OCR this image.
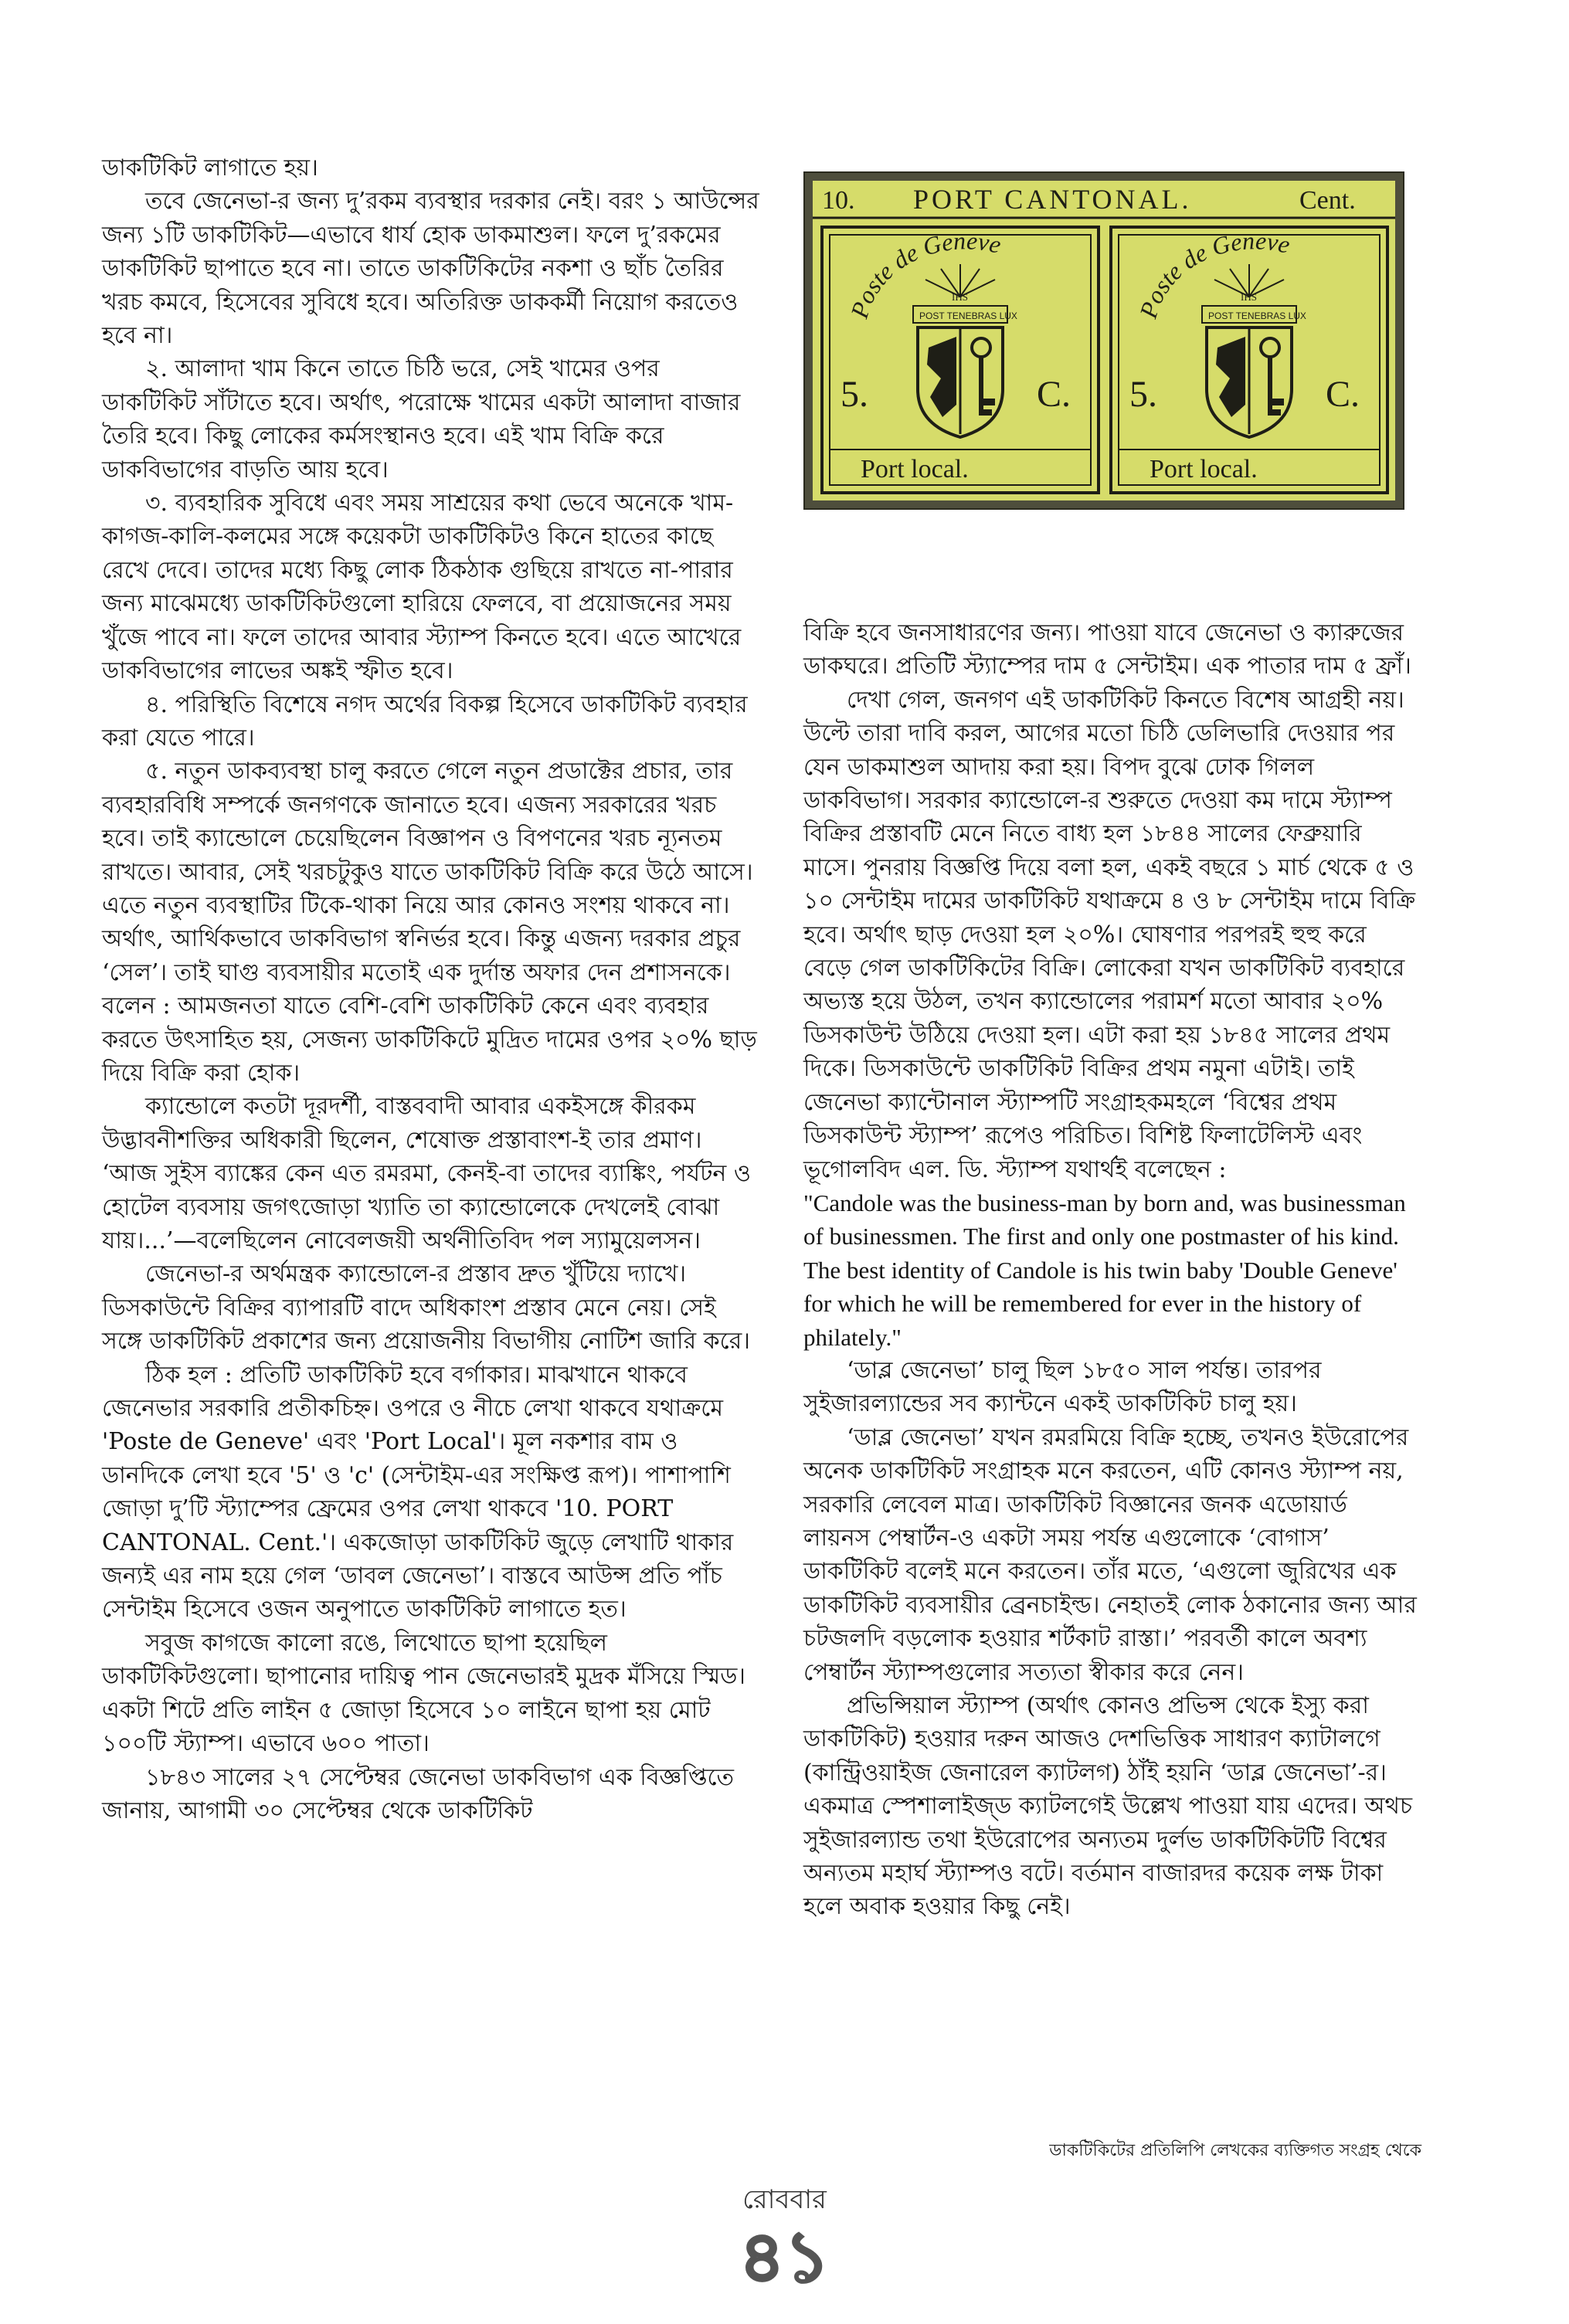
ডাকটিকিট লাগাতে হয়।

তবে জেনেভা-র জন্য দু’রকম ব্যবস্থার দরকার নেই। বরং ১ আউন্সের জন্য ১টি ডাকটিকিট—এভাবে ধার্য হোক ডাকমাশুল। ফলে দু’রকমের ডাকটিকিট ছাপাতে হবে না। তাতে ডাকটিকিটের নকশা ও ছাঁচ তৈরির খরচ কমবে, হিসেবের সুবিধে হবে। অতিরিক্ত ডাককর্মী নিয়োগ করতেও হবে না।

২. আলাদা খাম কিনে তাতে চিঠি ভরে, সেই খামের ওপর ডাকটিকিট সাঁটাতে হবে। অর্থাৎ, পরোক্ষে খামের একটা আলাদা বাজার তৈরি হবে। কিছু লোকের কর্মসংস্থানও হবে। এই খাম বিক্রি করে ডাকবিভাগের বাড়তি আয় হবে।

৩. ব্যবহারিক সুবিধে এবং সময় সাশ্রয়ের কথা ভেবে অনেকে খাম-কাগজ-কালি-কলমের সঙ্গে কয়েকটা ডাকটিকিটও কিনে হাতের কাছে রেখে দেবে। তাদের মধ্যে কিছু লোক ঠিকঠাক গুছিয়ে রাখতে না-পারার জন্য মাঝেমধ্যে ডাকটিকিটগুলো হারিয়ে ফেলবে, বা প্রয়োজনের সময় খুঁজে পাবে না। ফলে তাদের আবার স্ট্যাম্প কিনতে হবে। এতে আখেরে ডাকবিভাগের লাভের অঙ্কই স্ফীত হবে।

৪. পরিস্থিতি বিশেষে নগদ অর্থের বিকল্প হিসেবে ডাকটিকিট ব্যবহার করা যেতে পারে।

৫. নতুন ডাকব্যবস্থা চালু করতে গেলে নতুন প্রডাক্টের প্রচার, তার ব্যবহারবিধি সম্পর্কে জনগণকে জানাতে হবে। এজন্য সরকারের খরচ হবে। তাই ক্যান্ডোলে চেয়েছিলেন বিজ্ঞাপন ও বিপণনের খরচ ন্যূনতম রাখতে। আবার, সেই খরচটুকুও যাতে ডাকটিকিট বিক্রি করে উঠে আসে। এতে নতুন ব্যবস্থাটির টিকে-থাকা নিয়ে আর কোনও সংশয় থাকবে না। অর্থাৎ, আর্থিকভাবে ডাকবিভাগ স্বনির্ভর হবে। কিন্তু এজন্য দরকার প্রচুর ‘সেল’। তাই ঘাগু ব্যবসায়ীর মতোই এক দুর্দান্ত অফার দেন প্রশাসনকে। বলেন : আমজনতা যাতে বেশি-বেশি ডাকটিকিট কেনে এবং ব্যবহার করতে উৎসাহিত হয়, সেজন্য ডাকটিকিটে মুদ্রিত দামের ওপর ২০% ছাড় দিয়ে বিক্রি করা হোক।

ক্যান্ডোলে কতটা দূরদর্শী, বাস্তববাদী আবার একইসঙ্গে কীরকম উদ্ভাবনীশক্তির অধিকারী ছিলেন, শেষোক্ত প্রস্তাবাংশ-ই তার প্রমাণ। ‘আজ সুইস ব্যাঙ্কের কেন এত রমরমা, কেনই-বা তাদের ব্যাঙ্কিং, পর্যটন ও হোটেল ব্যবসায় জগৎজোড়া খ্যাতি তা ক্যান্ডোলেকে দেখলেই বোঝা যায়।...’—বলেছিলেন নোবেলজয়ী অর্থনীতিবিদ পল স্যামুয়েলসন।

জেনেভা-র অর্থমন্ত্রক ক্যান্ডোলে-র প্রস্তাব দ্রুত খুঁটিয়ে দ্যাখে। ডিসকাউন্টে বিক্রির ব্যাপারটি বাদে অধিকাংশ প্রস্তাব মেনে নেয়। সেই সঙ্গে ডাকটিকিট প্রকাশের জন্য প্রয়োজনীয় বিভাগীয় নোটিশ জারি করে।

ঠিক হল : প্রতিটি ডাকটিকিট হবে বর্গাকার। মাঝখানে থাকবে জেনেভার সরকারি প্রতীকচিহ্ন। ওপরে ও নীচে লেখা থাকবে যথাক্রমে 'Poste de Geneve' এবং 'Port Local'। মূল নকশার বাম ও ডানদিকে লেখা হবে '5' ও 'c' (সেন্টাইম-এর সংক্ষিপ্ত রূপ)। পাশাপাশি জোড়া দু’টি স্ট্যাম্পের ফ্রেমের ওপর লেখা থাকবে '10. PORT CANTONAL. Cent.'। একজোড়া ডাকটিকিট জুড়ে লেখাটি থাকার জন্যই এর নাম হয়ে গেল ‘ডাবল জেনেভা’। বাস্তবে আউন্স প্রতি পাঁচ সেন্টাইম হিসেবে ওজন অনুপাতে ডাকটিকিট লাগাতে হত।

সবুজ কাগজে কালো রঙে, লিথোতে ছাপা হয়েছিল ডাকটিকিটগুলো। ছাপানোর দায়িত্ব পান জেনেভারই মুদ্রক মঁসিয়ে স্মিড। একটা শিটে প্রতি লাইন ৫ জোড়া হিসেবে ১০ লাইনে ছাপা হয় মোট ১০০টি স্ট্যাম্প। এভাবে ৬০০ পাতা।

১৮৪৩ সালের ২৭ সেপ্টেম্বর জেনেভা ডাকবিভাগ এক বিজ্ঞপ্তিতে জানায়, আগামী ৩০ সেপ্টেম্বর থেকে ডাকটিকিট

10. PORT CANTONAL.	Cent.
Poste de Geneve
IHS
POST TENEBRAS LUX
5.	C.
Port local.
Poste de Geneve
IHS
POST TENEBRAS LUX
5.	C.
Port local.

বিক্রি হবে জনসাধারণের জন্য। পাওয়া যাবে জেনেভা ও ক্যারুজের ডাকঘরে। প্রতিটি স্ট্যাম্পের দাম ৫ সেন্টাইম। এক পাতার দাম ৫ ফ্রাঁ।

দেখা গেল, জনগণ এই ডাকটিকিট কিনতে বিশেষ আগ্রহী নয়। উল্টে তারা দাবি করল, আগের মতো চিঠি ডেলিভারি দেওয়ার পর যেন ডাকমাশুল আদায় করা হয়। বিপদ বুঝে ঢোক গিলল ডাকবিভাগ। সরকার ক্যান্ডোলে-র শুরুতে দেওয়া কম দামে স্ট্যাম্প বিক্রির প্রস্তাবটি মেনে নিতে বাধ্য হল ১৮৪৪ সালের ফেব্রুয়ারি মাসে। পুনরায় বিজ্ঞপ্তি দিয়ে বলা হল, একই বছরে ১ মার্চ থেকে ৫ ও ১০ সেন্টাইম দামের ডাকটিকিট যথাক্রমে ৪ ও ৮ সেন্টাইম দামে বিক্রি হবে। অর্থাৎ ছাড় দেওয়া হল ২০%। ঘোষণার পরপরই হুহু করে বেড়ে গেল ডাকটিকিটের বিক্রি। লোকেরা যখন ডাকটিকিট ব্যবহারে অভ্যস্ত হয়ে উঠল, তখন ক্যান্ডোলের পরামর্শ মতো আবার ২০% ডিসকাউন্ট উঠিয়ে দেওয়া হল। এটা করা হয় ১৮৪৫ সালের প্রথম দিকে। ডিসকাউন্টে ডাকটিকিট বিক্রির প্রথম নমুনা এটাই। তাই জেনেভা ক্যান্টোনাল স্ট্যাম্পটি সংগ্রাহকমহলে ‘বিশ্বের প্রথম ডিসকাউন্ট স্ট্যাম্প’ রূপেও পরিচিত। বিশিষ্ট ফিলাটেলিস্ট এবং ভূগোলবিদ এল. ডি. স্ট্যাম্প যথার্থই বলেছেন :

"Candole was the business-man by born and, was businessman of businessmen. The first and only one postmaster of his kind. The best identity of Candole is his twin baby 'Double Geneve' for which he will be remembered for ever in the history of philately."

‘ডাব্ল জেনেভা’ চালু ছিল ১৮৫০ সাল পর্যন্ত। তারপর সুইজারল্যান্ডের সব ক্যান্টনে একই ডাকটিকিট চালু হয়।

‘ডাব্ল জেনেভা’ যখন রমরমিয়ে বিক্রি হচ্ছে, তখনও ইউরোপের অনেক ডাকটিকিট সংগ্রাহক মনে করতেন, এটি কোনও স্ট্যাম্প নয়, সরকারি লেবেল মাত্র। ডাকটিকিট বিজ্ঞানের জনক এডোয়ার্ড লায়নস পেম্বার্টন-ও একটা সময় পর্যন্ত এগুলোকে ‘বোগাস’ ডাকটিকিট বলেই মনে করতেন। তাঁর মতে, ‘এগুলো জুরিখের এক ডাকটিকিট ব্যবসায়ীর ব্রেনচাইল্ড। নেহাতই লোক ঠকানোর জন্য আর চটজলদি বড়লোক হওয়ার শর্টকাট রাস্তা।’ পরবর্তী কালে অবশ্য পেম্বার্টন স্ট্যাম্পগুলোর সত্যতা স্বীকার করে নেন।

প্রভিন্সিয়াল স্ট্যাম্প (অর্থাৎ কোনও প্রভিন্স থেকে ইস্যু করা ডাকটিকিট) হওয়ার দরুন আজও দেশভিত্তিক সাধারণ ক্যাটালগে (কান্ট্রিওয়াইজ জেনারেল ক্যাটলগ) ঠাঁই হয়নি ‘ডাব্ল জেনেভা’-র। একমাত্র স্পেশালাইজ্‌ড ক্যাটলগেই উল্লেখ পাওয়া যায় এদের। অথচ সুইজারল্যান্ড তথা ইউরোপের অন্যতম দুর্লভ ডাকটিকিটটি বিশ্বের অন্যতম মহার্ঘ স্ট্যাম্পও বটে। বর্তমান বাজারদর কয়েক লক্ষ টাকা হলে অবাক হওয়ার কিছু নেই।

ডাকটিকিটের প্রতিলিপি লেখকের ব্যক্তিগত সংগ্রহ থেকে
রোববার
৪১
